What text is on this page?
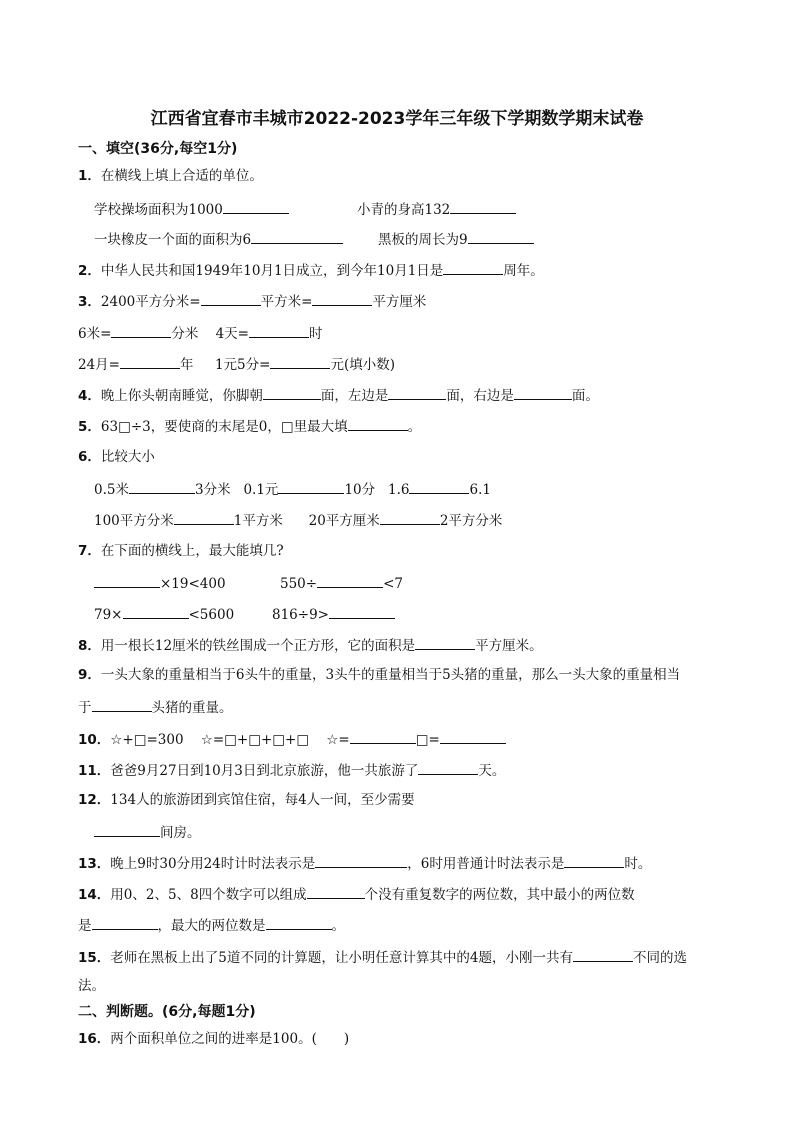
江西省宜春市丰城市2022-2023学年三年级下学期数学期末试卷
一、填空(36分,每空1分)
1．在横线上填上合适的单位。
学校操场面积为1000	小青的身高132
一块橡皮一个面的面积为6	黑板的周长为9
2．中华人民共和国1949年10月1日成立，到今年10月1日是	周年。
3．2400平方分米=	平方米=	平方厘米
6米=	分米 4天=	时
24月=	年 1元5分=	元(填小数)
4．晚上你头朝南睡觉，你脚朝	面，左边是	面，右边是	面。
5．63□÷3，要使商的末尾是0，□里最大填	。
6．比较大小
0.5米	3分米 0.1元	10分 1.6	6.1
100平方分米	1平方米 20平方厘米	2平方分米
7．在下面的横线上，最大能填几?
×19<400	550÷	<7
79×	<5600	816÷9>
8．用一根长12厘米的铁丝围成一个正方形，它的面积是	平方厘米。
9．一头大象的重量相当于6头牛的重量，3头牛的重量相当于5头猪的重量，那么一头大象的重量相当
于	头猪的重量。
10．☆+□=300 ☆=□+□+□+□ ☆=	□=
11．爸爸9月27日到10月3日到北京旅游，他一共旅游了	天。
12．134人的旅游团到宾馆住宿，每4人一间，至少需要
间房。
13．晚上9时30分用24时计时法表示是	，6时用普通计时法表示是	时。
14．用0、2、5、8四个数字可以组成	个没有重复数字的两位数，其中最小的两位数
是	，最大的两位数是	。
15．老师在黑板上出了5道不同的计算题，让小明任意计算其中的4题，小刚一共有	不同的选
法。
二、判断题。(6分,每题1分)
16．两个面积单位之间的进率是100。(　　)
